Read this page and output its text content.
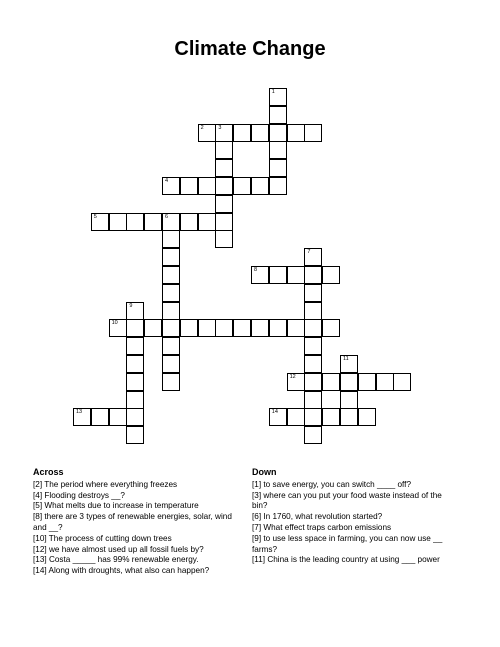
Climate Change
1
2	3
4
5	6
7
8
9
10
11
12
13	14
Across

[2] The period where everything freezes

[4] Flooding destroys __?

[5] What melts due to increase in temperature

[8] there are 3 types of renewable energies, solar, wind and __?

[10] The process of cutting down trees

[12] we have almost used up all fossil fuels by?

[13] Costa _____ has 99% renewable energy.

[14] Along with droughts, what also can happen?

Down

[1] to save energy, you can switch ____ off?

[3] where can you put your food waste instead of the bin?

[6] In 1760, what revolution started?

[7] What effect traps carbon emissions

[9] to use less space in farming, you can now use __ farms?

[11] China is the leading country at using ___ power
